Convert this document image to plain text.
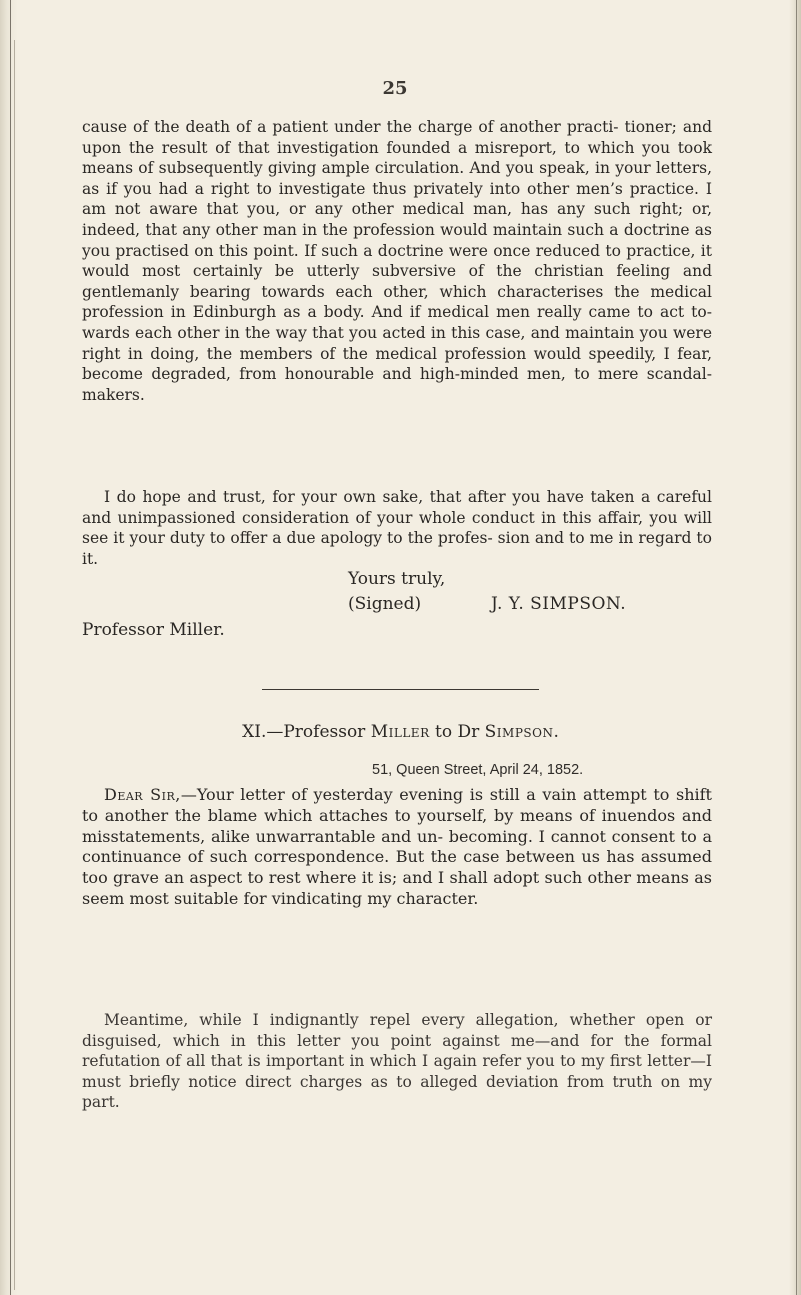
25

cause of the death of a patient under the charge of another practi- tioner; and upon the result of that investigation founded a misreport, to which you took means of subsequently giving ample circulation. And you speak, in your letters, as if you had a right to investigate thus privately into other men’s practice. I am not aware that you, or any other medical man, has any such right; or, indeed, that any other man in the profession would maintain such a doctrine as you practised on this point. If such a doctrine were once reduced to practice, it would most certainly be utterly subversive of the christian feeling and gentlemanly bearing towards each other, which characterises the medical profession in Edinburgh as a body. And if medical men really came to act to- wards each other in the way that you acted in this case, and maintain you were right in doing, the members of the medical profession would speedily, I fear, become degraded, from honourable and high-minded men, to mere scandal-makers.

I do hope and trust, for your own sake, that after you have taken a careful and unimpassioned consideration of your whole conduct in this affair, you will see it your duty to offer a due apology to the profes- sion and to me in regard to it.

Yours truly,
(Signed)	J. Y. SIMPSON.
Professor Miller.
XI.—Professor Miller to Dr Simpson.
51, Queen Street, April 24, 1852.

Dear Sir,—Your letter of yesterday evening is still a vain attempt to shift to another the blame which attaches to yourself, by means of inuendos and misstatements, alike unwarrantable and un- becoming. I cannot consent to a continuance of such correspondence. But the case between us has assumed too grave an aspect to rest where it is; and I shall adopt such other means as seem most suitable for vindicating my character.

Meantime, while I indignantly repel every allegation, whether open or disguised, which in this letter you point against me—and for the formal refutation of all that is important in which I again refer you to my first letter—I must briefly notice direct charges as to alleged deviation from truth on my part.
